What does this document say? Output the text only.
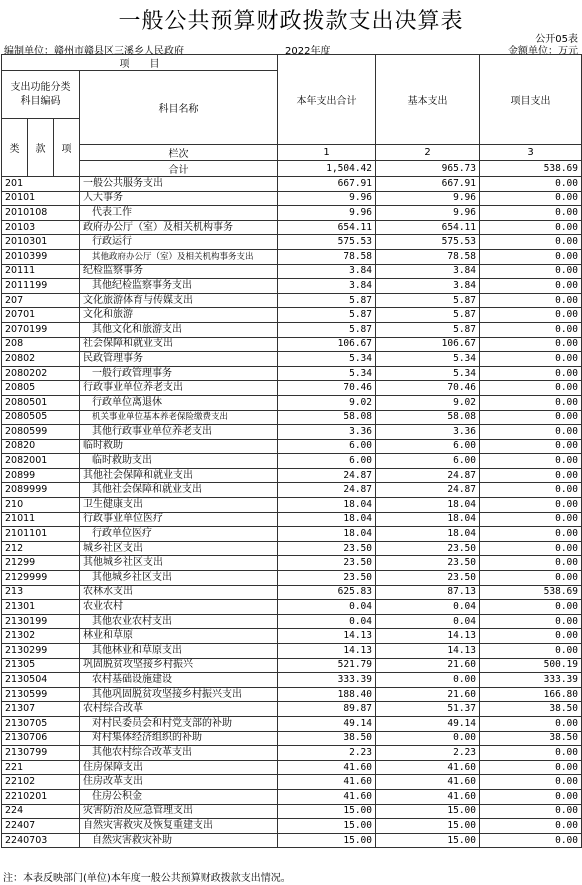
一般公共预算财政拨款支出决算表
公开05表
编制单位：赣州市赣县区三溪乡人民政府	2022年度	金额单位：万元
项　　目				本年支出合计	基本支出	项目支出
支出功能分类
科目编码			科目名称			
类	款	项				
			栏次	1	2	3
			合计	1,504.42	965.73	538.69
201			一般公共服务支出	667.91	667.91	0.00
20101			人大事务	9.96	9.96	0.00
2010108			代表工作	9.96	9.96	0.00
20103			政府办公厅（室）及相关机构事务	654.11	654.11	0.00
2010301			行政运行	575.53	575.53	0.00
2010399			其他政府办公厅（室）及相关机构事务支出	78.58	78.58	0.00
20111			纪检监察事务	3.84	3.84	0.00
2011199			其他纪检监察事务支出	3.84	3.84	0.00
207			文化旅游体育与传媒支出	5.87	5.87	0.00
20701			文化和旅游	5.87	5.87	0.00
2070199			其他文化和旅游支出	5.87	5.87	0.00
208			社会保障和就业支出	106.67	106.67	0.00
20802			民政管理事务	5.34	5.34	0.00
2080202			一般行政管理事务	5.34	5.34	0.00
20805			行政事业单位养老支出	70.46	70.46	0.00
2080501			行政单位离退休	9.02	9.02	0.00
2080505			机关事业单位基本养老保险缴费支出	58.08	58.08	0.00
2080599			其他行政事业单位养老支出	3.36	3.36	0.00
20820			临时救助	6.00	6.00	0.00
2082001			临时救助支出	6.00	6.00	0.00
20899			其他社会保障和就业支出	24.87	24.87	0.00
2089999			其他社会保障和就业支出	24.87	24.87	0.00
210			卫生健康支出	18.04	18.04	0.00
21011			行政事业单位医疗	18.04	18.04	0.00
2101101			行政单位医疗	18.04	18.04	0.00
212			城乡社区支出	23.50	23.50	0.00
21299			其他城乡社区支出	23.50	23.50	0.00
2129999			其他城乡社区支出	23.50	23.50	0.00
213			农林水支出	625.83	87.13	538.69
21301			农业农村	0.04	0.04	0.00
2130199			其他农业农村支出	0.04	0.04	0.00
21302			林业和草原	14.13	14.13	0.00
2130299			其他林业和草原支出	14.13	14.13	0.00
21305			巩固脱贫攻坚接乡村振兴	521.79	21.60	500.19
2130504			农村基础设施建设	333.39	0.00	333.39
2130599			其他巩固脱贫攻坚接乡村振兴支出	188.40	21.60	166.80
21307			农村综合改革	89.87	51.37	38.50
2130705			对村民委员会和村党支部的补助	49.14	49.14	0.00
2130706			对村集体经济组织的补助	38.50	0.00	38.50
2130799			其他农村综合改革支出	2.23	2.23	0.00
221			住房保障支出	41.60	41.60	0.00
22102			住房改革支出	41.60	41.60	0.00
2210201			住房公积金	41.60	41.60	0.00
224			灾害防治及应急管理支出	15.00	15.00	0.00
22407			自然灾害救灾及恢复重建支出	15.00	15.00	0.00
2240703			自然灾害救灾补助	15.00	15.00	0.00
注：本表反映部门(单位)本年度一般公共预算财政拨款支出情况。
